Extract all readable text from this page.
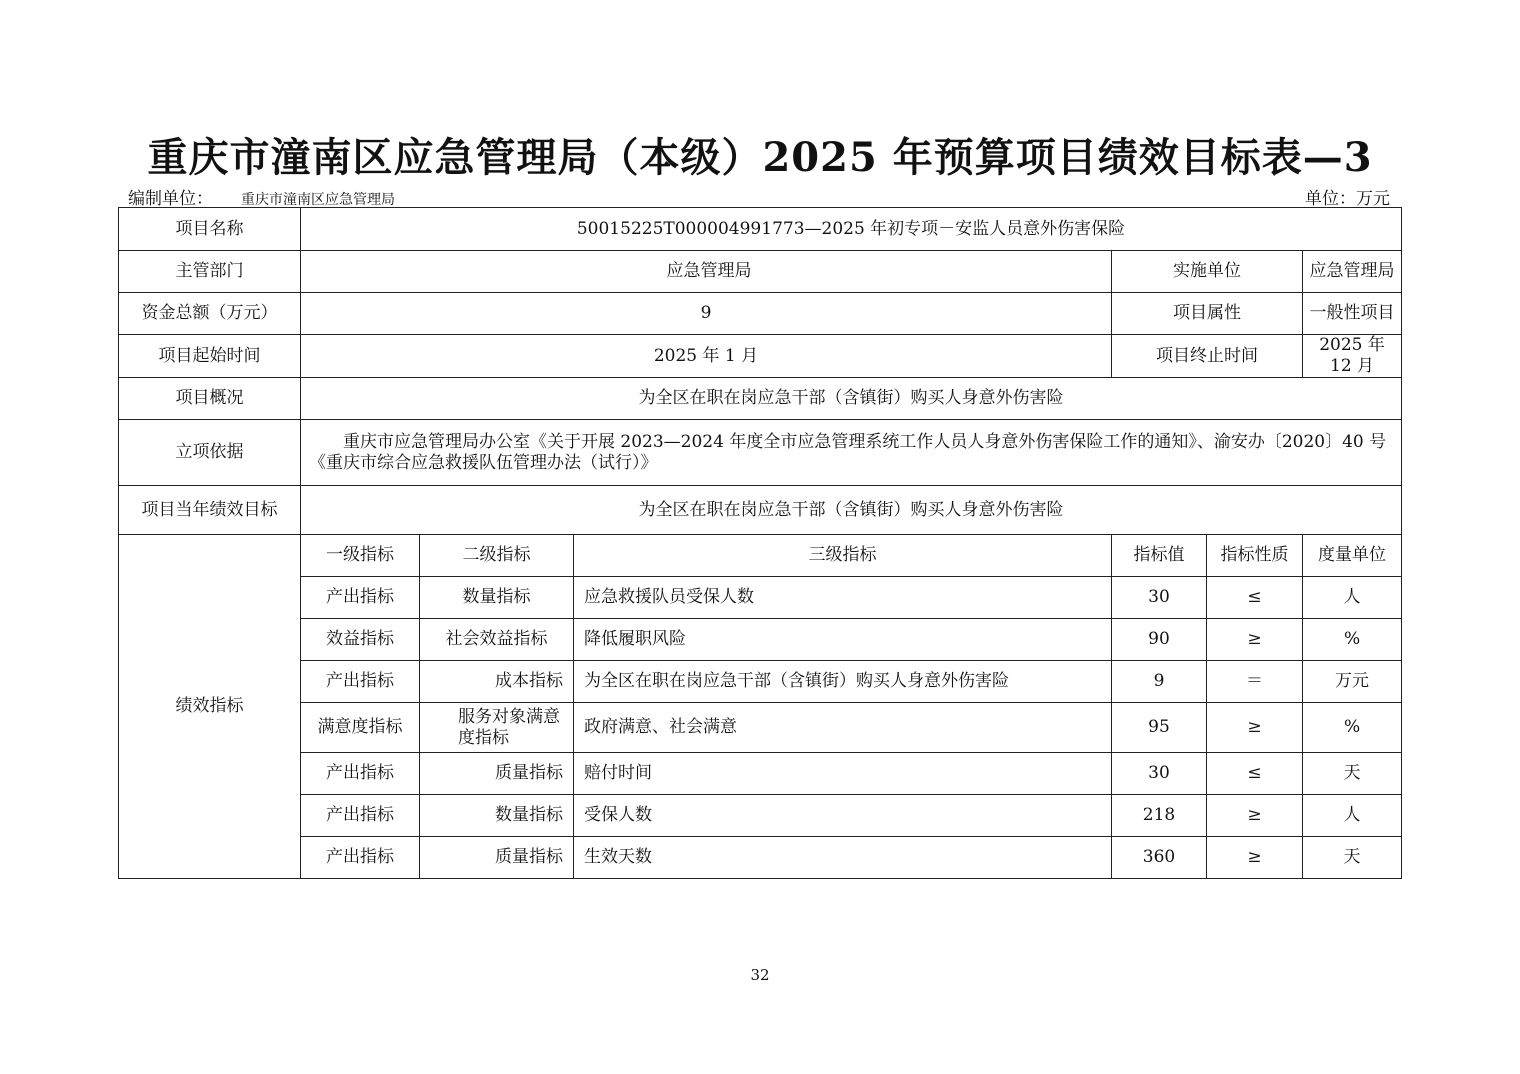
重庆市潼南区应急管理局（本级）2025 年预算项目绩效目标表—3
编制单位： 重庆市潼南区应急管理局	单位：万元
项目名称	50015225T000004991773—2025 年初专项－安监人员意外伤害保险					
主管部门	应急管理局			实施单位		应急管理局
资金总额（万元）	9			项目属性		一般性项目
项目起始时间	2025 年 1 月			项目终止时间		2025 年 12 月
项目概况	为全区在职在岗应急干部（含镇街）购买人身意外伤害险					
立项依据	重庆市应急管理局办公室《关于开展 2023—2024 年度全市应急管理系统工作人员人身意外伤害保险工作的通知》、渝安办〔2020〕40 号《重庆市综合应急救援队伍管理办法（试行）》					
项目当年绩效目标	为全区在职在岗应急干部（含镇街）购买人身意外伤害险					
绩效指标	一级指标	二级指标	三级指标	指标值	指标性质	度量单位
	产出指标	数量指标	应急救援队员受保人数	30	≤	人
	效益指标	社会效益指标	降低履职风险	90	≥	%
	产出指标	成本指标	为全区在职在岗应急干部（含镇街）购买人身意外伤害险	9	＝	万元
	满意度指标	服务对象满意度指标	政府满意、社会满意	95	≥	%
	产出指标	质量指标	赔付时间	30	≤	天
	产出指标	数量指标	受保人数	218	≥	人
	产出指标	质量指标	生效天数	360	≥	天
32
